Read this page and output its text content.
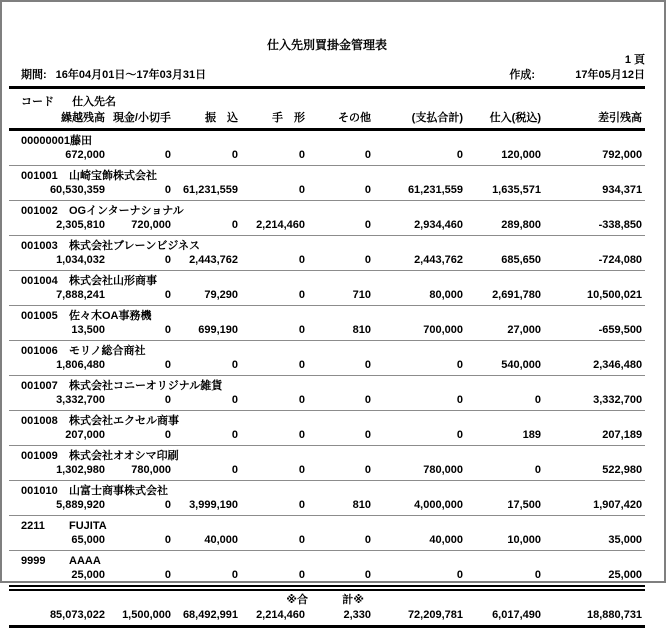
仕入先別買掛金管理表
1 頁
期間: 16年04月01日～17年03月31日	作成:	17年05月12日
コード 仕入先名							
繰越残高	現金/小切手	振　込	手　形	その他	(支払合計)	仕入(税込)	差引残高

00000001藤田							
672,000	0	0	0	0	0	120,000	792,000
001001 山崎宝飾株式会社							
60,530,359	0	61,231,559	0	0	61,231,559	1,635,571	934,371
001002 OGインターナショナル							
2,305,810	720,000	0	2,214,460	0	2,934,460	289,800	-338,850
001003 株式会社ブレーンビジネス							
1,034,032	0	2,443,762	0	0	2,443,762	685,650	-724,080
001004 株式会社山形商事							
7,888,241	0	79,290	0	710	80,000	2,691,780	10,500,021
001005 佐々木OA事務機							
13,500	0	699,190	0	810	700,000	27,000	-659,500
001006 モリノ総合商社							
1,806,480	0	0	0	0	0	540,000	2,346,480
001007 株式会社コニーオリジナル雑貨							
3,332,700	0	0	0	0	0	0	3,332,700
001008 株式会社エクセル商事							
207,000	0	0	0	0	0	189	207,189
001009 株式会社オオシマ印刷							
1,302,980	780,000	0	0	0	780,000	0	522,980
001010 山富士商事株式会社							
5,889,920	0	3,999,190	0	810	4,000,000	17,500	1,907,420
2211 FUJITA							
65,000	0	40,000	0	0	40,000	10,000	35,000
9999 AAAA							
25,000	0	0	0	0	0	0	25,000

			※合	計※			
85,073,022	1,500,000	68,492,991	2,214,460	2,330	72,209,781	6,017,490	18,880,731
